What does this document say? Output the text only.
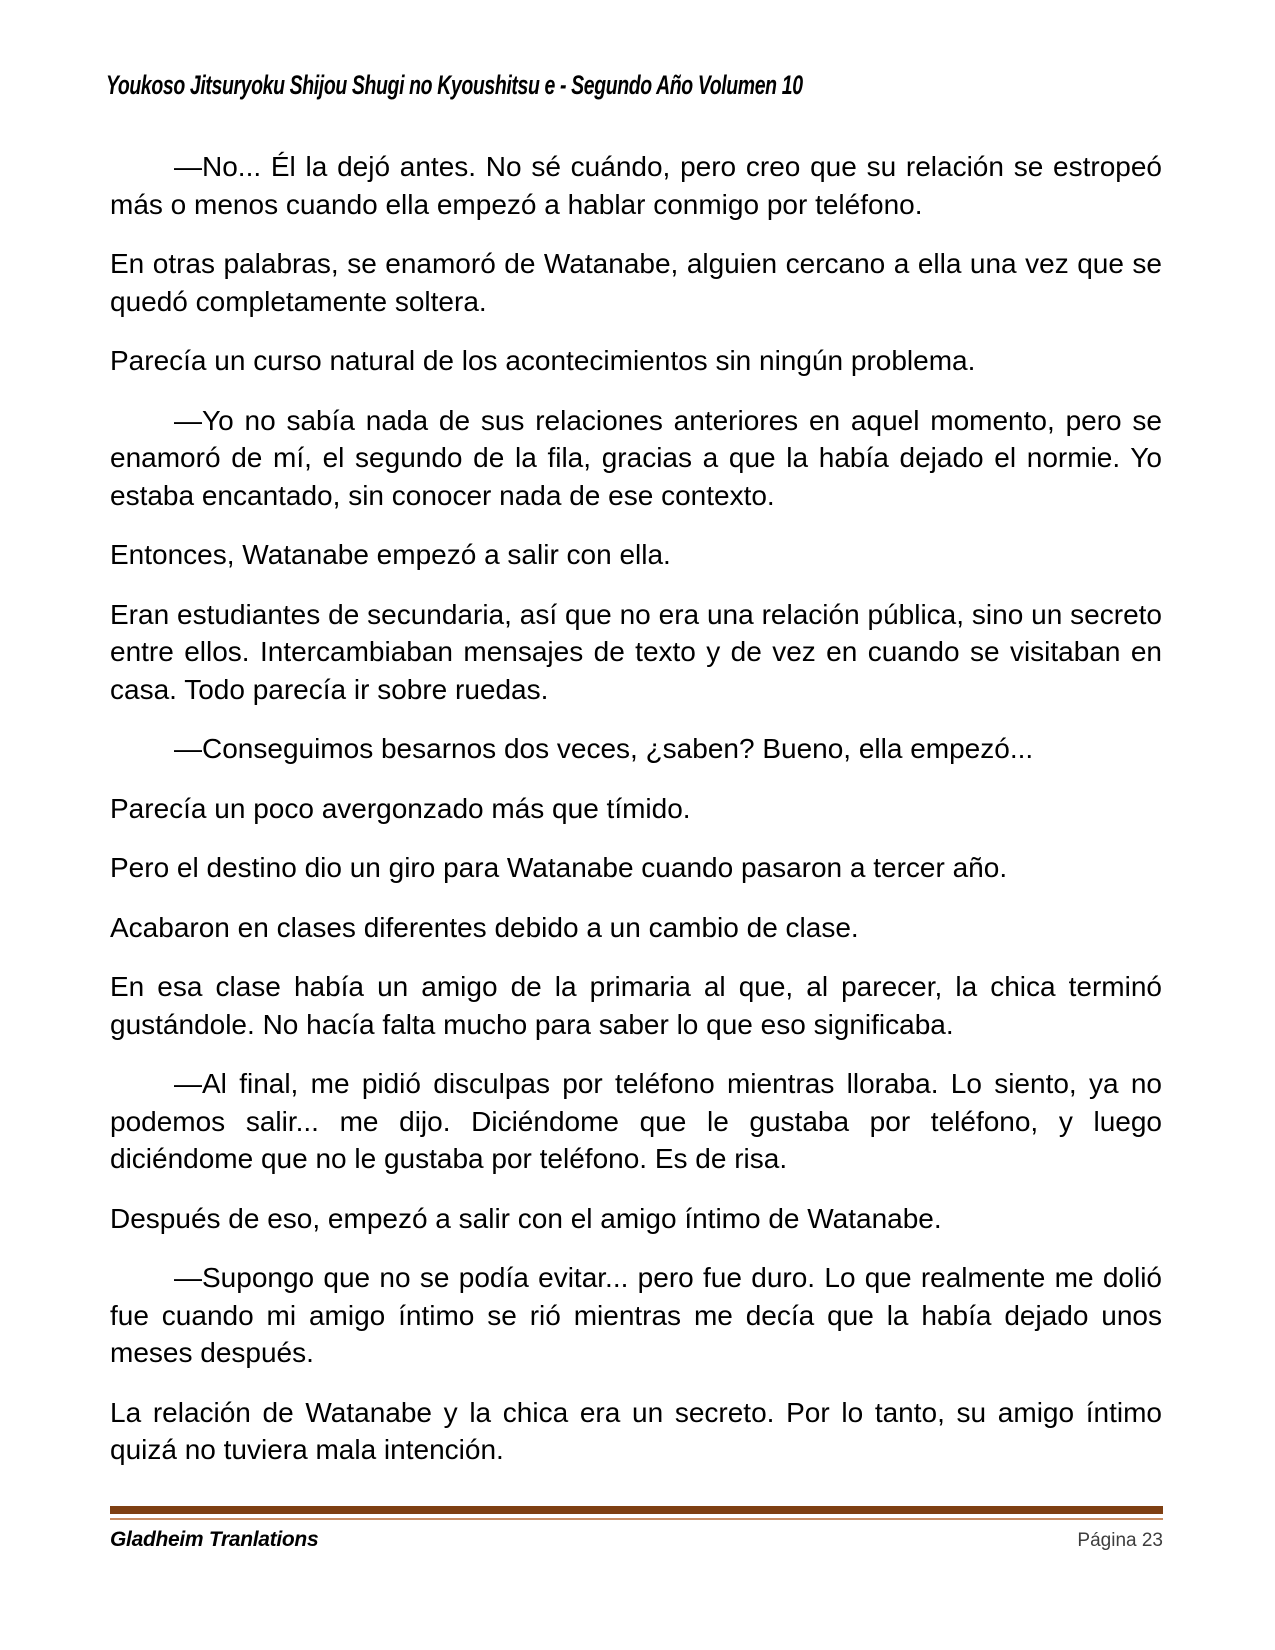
Youkoso Jitsuryoku Shijou Shugi no Kyoushitsu e - Segundo Año Volumen 10

—No... Él la dejó antes. No sé cuándo, pero creo que su relación se estropeó más o menos cuando ella empezó a hablar conmigo por teléfono.

En otras palabras, se enamoró de Watanabe, alguien cercano a ella una vez que se quedó completamente soltera.

Parecía un curso natural de los acontecimientos sin ningún problema.

—Yo no sabía nada de sus relaciones anteriores en aquel momento, pero se enamoró de mí, el segundo de la fila, gracias a que la había dejado el normie. Yo estaba encantado, sin conocer nada de ese contexto.

Entonces, Watanabe empezó a salir con ella.

Eran estudiantes de secundaria, así que no era una relación pública, sino un secreto entre ellos. Intercambiaban mensajes de texto y de vez en cuando se visitaban en casa. Todo parecía ir sobre ruedas.

—Conseguimos besarnos dos veces, ¿saben? Bueno, ella empezó...

Parecía un poco avergonzado más que tímido.

Pero el destino dio un giro para Watanabe cuando pasaron a tercer año.

Acabaron en clases diferentes debido a un cambio de clase.

En esa clase había un amigo de la primaria al que, al parecer, la chica terminó gustándole. No hacía falta mucho para saber lo que eso significaba.

—Al final, me pidió disculpas por teléfono mientras lloraba. Lo siento, ya no podemos salir... me dijo. Diciéndome que le gustaba por teléfono, y luego diciéndome que no le gustaba por teléfono. Es de risa.

Después de eso, empezó a salir con el amigo íntimo de Watanabe.

—Supongo que no se podía evitar... pero fue duro. Lo que realmente me dolió fue cuando mi amigo íntimo se rió mientras me decía que la había dejado unos meses después.

La relación de Watanabe y la chica era un secreto. Por lo tanto, su amigo íntimo quizá no tuviera mala intención.

Gladheim Tranlations	Página 23
